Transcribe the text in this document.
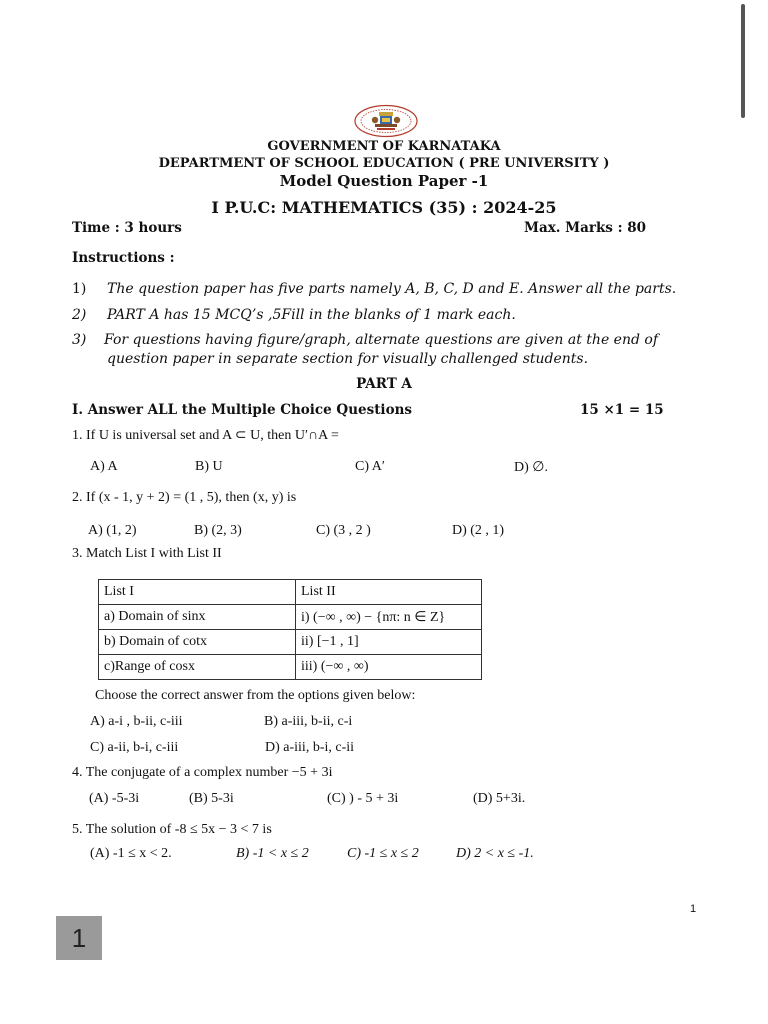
GOVERNMENT OF KARNATAKA
DEPARTMENT OF SCHOOL EDUCATION ( PRE UNIVERSITY )
Model Question Paper -1
I P.U.C: MATHEMATICS (35) : 2024-25
Time : 3 hours	Max. Marks : 80
Instructions :
1) The question paper has five parts namely A, B, C, D and E. Answer all the parts.
2) PART A has 15 MCQ’s ,5Fill in the blanks of 1 mark each.
3) For questions having figure/graph, alternate questions are given at the end of
question paper in separate section for visually challenged students.
PART A
I. Answer ALL the Multiple Choice Questions	15 ×1 = 15
1. If U is universal set and A ⊂ U, then U′∩A =
A) A	B) U	C) A′	D) ∅.
2. If (x - 1, y + 2) = (1 , 5), then (x, y) is
A) (1, 2)	B) (2, 3)	C) (3 , 2 )	D) (2 , 1)
3. Match List I with List II
List I	List II
a) Domain of sinx	i) (−∞ , ∞) − {nπ: n ∈ Z}
b) Domain of cotx	ii) [−1 , 1]
c)Range of cosx	iii) (−∞ , ∞)
Choose the correct answer from the options given below:
A) a-i , b-ii, c-iii	B) a-iii, b-ii, c-i
C) a-ii, b-i, c-iii	D) a-iii, b-i, c-ii
4. The conjugate of a complex number −5 + 3i
(A) -5-3i	(B) 5-3i	(C) ) - 5 + 3i	(D) 5+3i.
5. The solution of -8 ≤ 5x − 3 < 7 is
(A) -1 ≤ x < 2.	B) -1 < x ≤ 2	C) -1 ≤ x ≤ 2	D) 2 < x ≤ -1.
1
1
